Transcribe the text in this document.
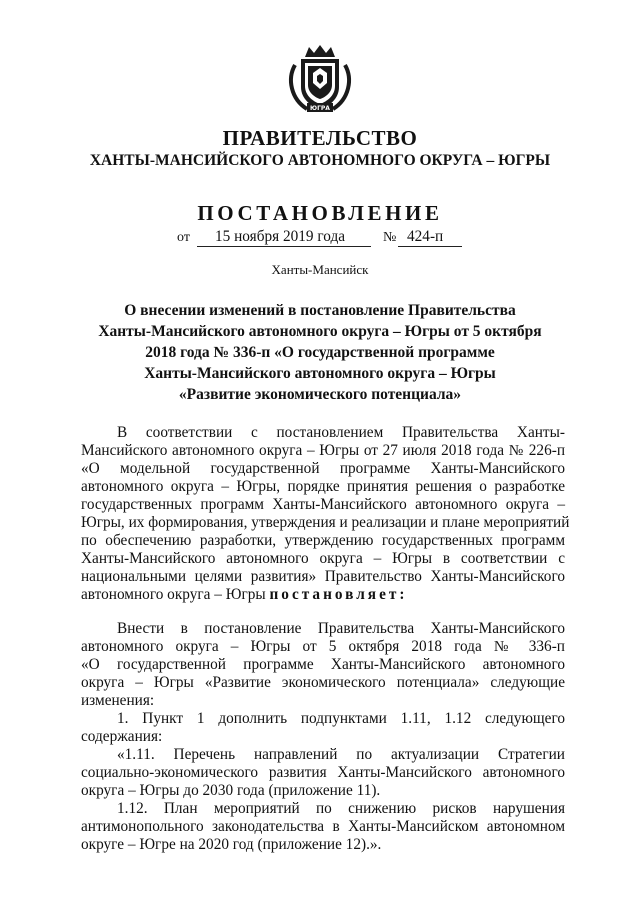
ЮГРА
ПРАВИТЕЛЬСТВО
ХАНТЫ-МАНСИЙСКОГО АВТОНОМНОГО ОКРУГА – ЮГРЫ
ПОСТАНОВЛЕНИЕ
от 15 ноября 2019 года	№ 424-п
Ханты-Мансийск
О внесении изменений в постановление Правительства
Ханты-Мансийского автономного округа – Югры от 5 октября
2018 года № 336-п «О государственной программе
Ханты-Мансийского автономного округа – Югры
«Развитие экономического потенциала»
В соответствии с постановлением Правительства Ханты-
Мансийского автономного округа – Югры от 27 июля 2018 года № 226-п
«О модельной государственной программе Ханты-Мансийского
автономного округа – Югры, порядке принятия решения о разработке
государственных программ Ханты-Мансийского автономного округа –
Югры, их формирования, утверждения и реализации и плане мероприятий
по обеспечению разработки, утверждению государственных программ
Ханты-Мансийского автономного округа – Югры в соответствии с
национальными целями развития» Правительство Ханты-Мансийского
автономного округа – Югры постановляет:
Внести в постановление Правительства Ханты-Мансийского
автономного округа – Югры от 5 октября 2018 года № 336-п
«О государственной программе Ханты-Мансийского автономного
округа – Югры «Развитие экономического потенциала» следующие
изменения:
1. Пункт 1 дополнить подпунктами 1.11, 1.12 следующего
содержания:
«1.11. Перечень направлений по актуализации Стратегии
социально-экономического развития Ханты-Мансийского автономного
округа – Югры до 2030 года (приложение 11).
1.12. План мероприятий по снижению рисков нарушения
антимонопольного законодательства в Ханты-Мансийском автономном
округе – Югре на 2020 год (приложение 12).».
